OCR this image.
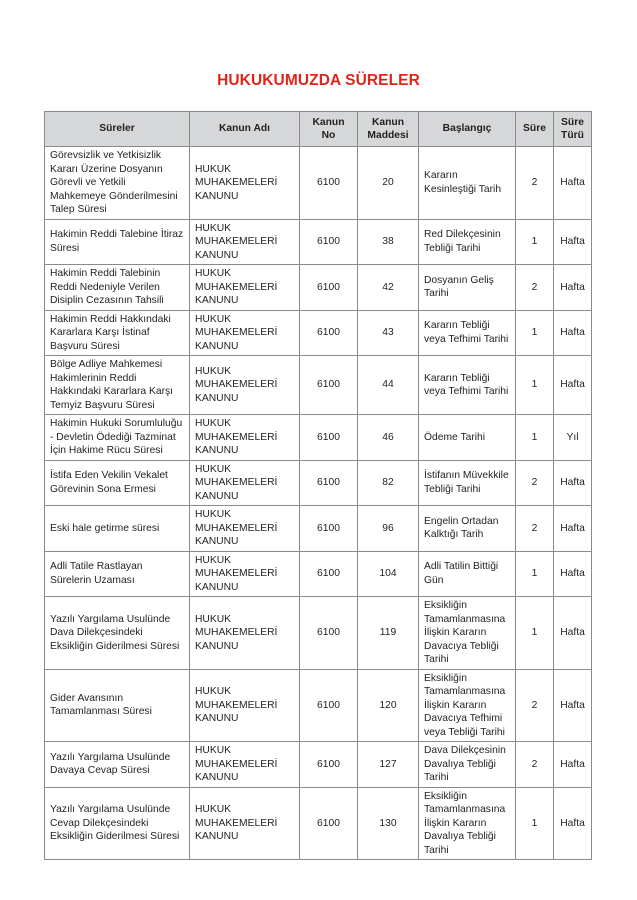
HUKUKUMUZDA SÜRELER
Süreler	Kanun Adı	Kanun No	Kanun Maddesi	Başlangıç	Süre	Süre Türü
Görevsizlik ve Yetkisizlik Kararı Üzerine Dosyanın Görevli ve Yetkili Mahkemeye Gönderilmesini Talep Süresi	HUKUK MUHAKEMELERİ KANUNU	6100	20	Kararın Kesinleştiği Tarih	2	Hafta
Hakimin Reddi Talebine İtiraz Süresi	HUKUK MUHAKEMELERİ KANUNU	6100	38	Red Dilekçesinin Tebliği Tarihi	1	Hafta
Hakimin Reddi Talebinin Reddi Nedeniyle Verilen Disiplin Cezasının Tahsili	HUKUK MUHAKEMELERİ KANUNU	6100	42	Dosyanın Geliş Tarihi	2	Hafta
Hakimin Reddi Hakkındaki Kararlara Karşı İstinaf Başvuru Süresi	HUKUK MUHAKEMELERİ KANUNU	6100	43	Kararın Tebliği veya Tefhimi Tarihi	1	Hafta
Bölge Adliye Mahkemesi Hakimlerinin Reddi Hakkındaki Kararlara Karşı Temyiz Başvuru Süresi	HUKUK MUHAKEMELERİ KANUNU	6100	44	Kararın Tebliği veya Tefhimi Tarihi	1	Hafta
Hakimin Hukuki Sorumluluğu - Devletin Ödediği Tazminat İçin Hakime Rücu Süresi	HUKUK MUHAKEMELERİ KANUNU	6100	46	Ödeme Tarihi	1	Yıl
İstifa Eden Vekilin Vekalet Görevinin Sona Ermesi	HUKUK MUHAKEMELERİ KANUNU	6100	82	İstifanın Müvekkile Tebliği Tarihi	2	Hafta
Eski hale getirme süresi	HUKUK MUHAKEMELERİ KANUNU	6100	96	Engelin Ortadan Kalktığı Tarih	2	Hafta
Adli Tatile Rastlayan Sürelerin Uzaması	HUKUK MUHAKEMELERİ KANUNU	6100	104	Adli Tatilin Bittiği Gün	1	Hafta
Yazılı Yargılama Usulünde Dava Dilekçesindeki Eksikliğin Giderilmesi Süresi	HUKUK MUHAKEMELERİ KANUNU	6100	119	Eksikliğin Tamamlanmasına İlişkin Kararın Davacıya Tebliği Tarihi	1	Hafta
Gider Avansının Tamamlanması Süresi	HUKUK MUHAKEMELERİ KANUNU	6100	120	Eksikliğin Tamamlanmasına İlişkin Kararın Davacıya Tefhimi veya Tebliği Tarihi	2	Hafta
Yazılı Yargılama Usulünde Davaya Cevap Süresi	HUKUK MUHAKEMELERİ KANUNU	6100	127	Dava Dilekçesinin Davalıya Tebliği Tarihi	2	Hafta
Yazılı Yargılama Usulünde Cevap Dilekçesindeki Eksikliğin Giderilmesi Süresi	HUKUK MUHAKEMELERİ KANUNU	6100	130	Eksikliğin Tamamlanmasına İlişkin Kararın Davalıya Tebliği Tarihi	1	Hafta
